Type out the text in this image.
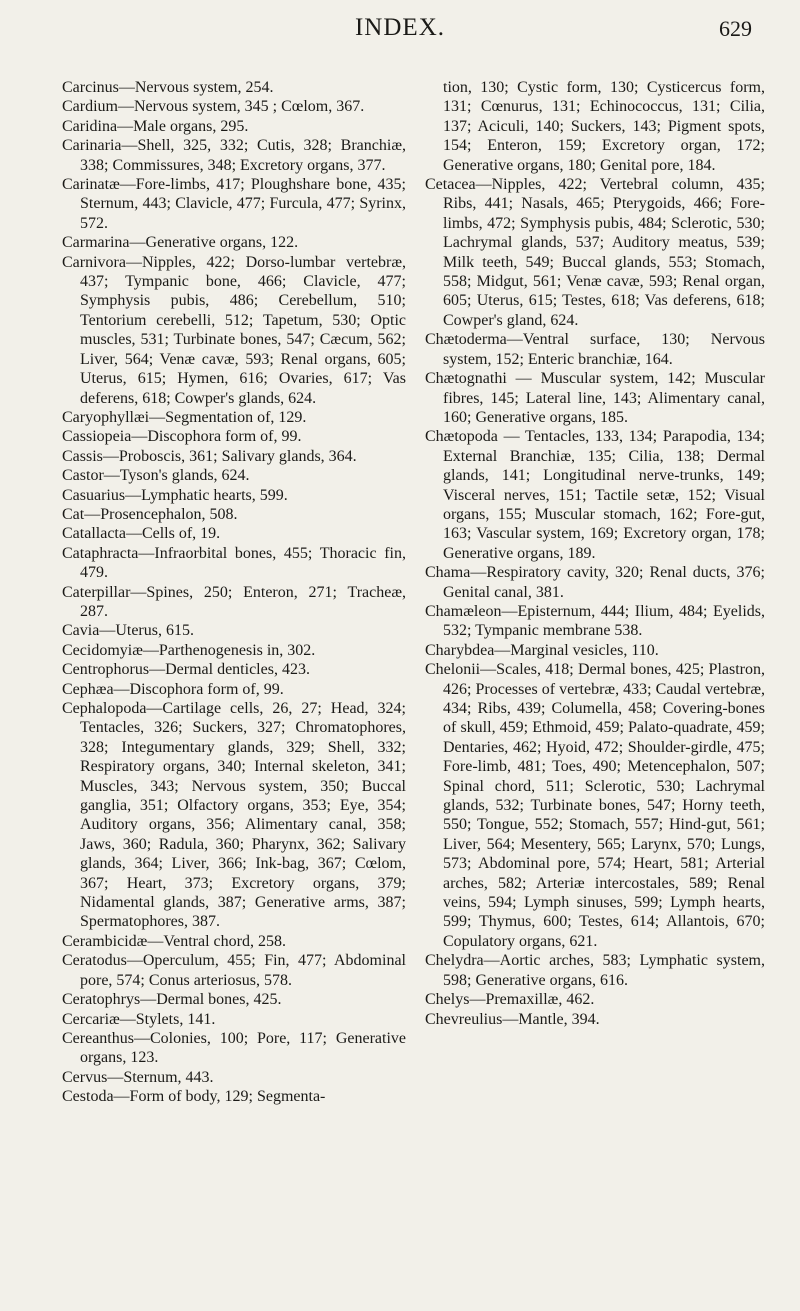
INDEX.	629

Carcinus—Nervous system, 254.

Cardium—Nervous system, 345 ; Cœlom, 367.

Caridina—Male organs, 295.

Carinaria—Shell, 325, 332; Cutis, 328; Branchiæ, 338; Commissures, 348; Excretory organs, 377.

Carinatæ—Fore-limbs, 417; Ploughshare bone, 435; Sternum, 443; Clavicle, 477; Furcula, 477; Syrinx, 572.

Carmarina—Generative organs, 122.

Carnivora—Nipples, 422; Dorso-lumbar vertebræ, 437; Tympanic bone, 466; Clavicle, 477; Symphysis pubis, 486; Cerebellum, 510; Tentorium cerebelli, 512; Tapetum, 530; Optic muscles, 531; Turbinate bones, 547; Cæcum, 562; Liver, 564; Venæ cavæ, 593; Renal organs, 605; Uterus, 615; Hymen, 616; Ovaries, 617; Vas deferens, 618; Cowper's glands, 624.

Caryophyllæi—Segmentation of, 129.

Cassiopeia—Discophora form of, 99.

Cassis—Proboscis, 361; Salivary glands, 364.

Castor—Tyson's glands, 624.

Casuarius—Lymphatic hearts, 599.

Cat—Prosencephalon, 508.

Catallacta—Cells of, 19.

Cataphracta—Infraorbital bones, 455; Thoracic fin, 479.

Caterpillar—Spines, 250; Enteron, 271; Tracheæ, 287.

Cavia—Uterus, 615.

Cecidomyiæ—Parthenogenesis in, 302.

Centrophorus—Dermal denticles, 423.

Cephæa—Discophora form of, 99.

Cephalopoda—Cartilage cells, 26, 27; Head, 324; Tentacles, 326; Suckers, 327; Chromatophores, 328; Integumentary glands, 329; Shell, 332; Respiratory organs, 340; Internal skeleton, 341; Muscles, 343; Nervous system, 350; Buccal ganglia, 351; Olfactory organs, 353; Eye, 354; Auditory organs, 356; Alimentary canal, 358; Jaws, 360; Radula, 360; Pharynx, 362; Salivary glands, 364; Liver, 366; Ink-bag, 367; Cœlom, 367; Heart, 373; Excretory organs, 379; Nidamental glands, 387; Generative arms, 387; Spermatophores, 387.

Cerambicidæ—Ventral chord, 258.

Ceratodus—Operculum, 455; Fin, 477; Abdominal pore, 574; Conus arteriosus, 578.

Ceratophrys—Dermal bones, 425.

Cercariæ—Stylets, 141.

Cereanthus—Colonies, 100; Pore, 117; Generative organs, 123.

Cervus—Sternum, 443.

Cestoda—Form of body, 129; Segmenta-

tion, 130; Cystic form, 130; Cysticercus form, 131; Cœnurus, 131; Echinococcus, 131; Cilia, 137; Aciculi, 140; Suckers, 143; Pigment spots, 154; Enteron, 159; Excretory organ, 172; Generative organs, 180; Genital pore, 184.

Cetacea—Nipples, 422; Vertebral column, 435; Ribs, 441; Nasals, 465; Pterygoids, 466; Fore-limbs, 472; Symphysis pubis, 484; Sclerotic, 530; Lachrymal glands, 537; Auditory meatus, 539; Milk teeth, 549; Buccal glands, 553; Stomach, 558; Midgut, 561; Venæ cavæ, 593; Renal organ, 605; Uterus, 615; Testes, 618; Vas deferens, 618; Cowper's gland, 624.

Chætoderma—Ventral surface, 130; Nervous system, 152; Enteric branchiæ, 164.

Chætognathi — Muscular system, 142; Muscular fibres, 145; Lateral line, 143; Alimentary canal, 160; Generative organs, 185.

Chætopoda — Tentacles, 133, 134; Parapodia, 134; External Branchiæ, 135; Cilia, 138; Dermal glands, 141; Longitudinal nerve-trunks, 149; Visceral nerves, 151; Tactile setæ, 152; Visual organs, 155; Muscular stomach, 162; Fore-gut, 163; Vascular system, 169; Excretory organ, 178; Generative organs, 189.

Chama—Respiratory cavity, 320; Renal ducts, 376; Genital canal, 381.

Chamæleon—Episternum, 444; Ilium, 484; Eyelids, 532; Tympanic membrane 538.

Charybdea—Marginal vesicles, 110.

Chelonii—Scales, 418; Dermal bones, 425; Plastron, 426; Processes of vertebræ, 433; Caudal vertebræ, 434; Ribs, 439; Columella, 458; Covering-bones of skull, 459; Ethmoid, 459; Palato-quadrate, 459; Dentaries, 462; Hyoid, 472; Shoulder-girdle, 475; Fore-limb, 481; Toes, 490; Metencephalon, 507; Spinal chord, 511; Sclerotic, 530; Lachrymal glands, 532; Turbinate bones, 547; Horny teeth, 550; Tongue, 552; Stomach, 557; Hind-gut, 561; Liver, 564; Mesentery, 565; Larynx, 570; Lungs, 573; Abdominal pore, 574; Heart, 581; Arterial arches, 582; Arteriæ intercostales, 589; Renal veins, 594; Lymph sinuses, 599; Lymph hearts, 599; Thymus, 600; Testes, 614; Allantois, 670; Copulatory organs, 621.

Chelydra—Aortic arches, 583; Lymphatic system, 598; Generative organs, 616.

Chelys—Premaxillæ, 462.

Chevreulius—Mantle, 394.
